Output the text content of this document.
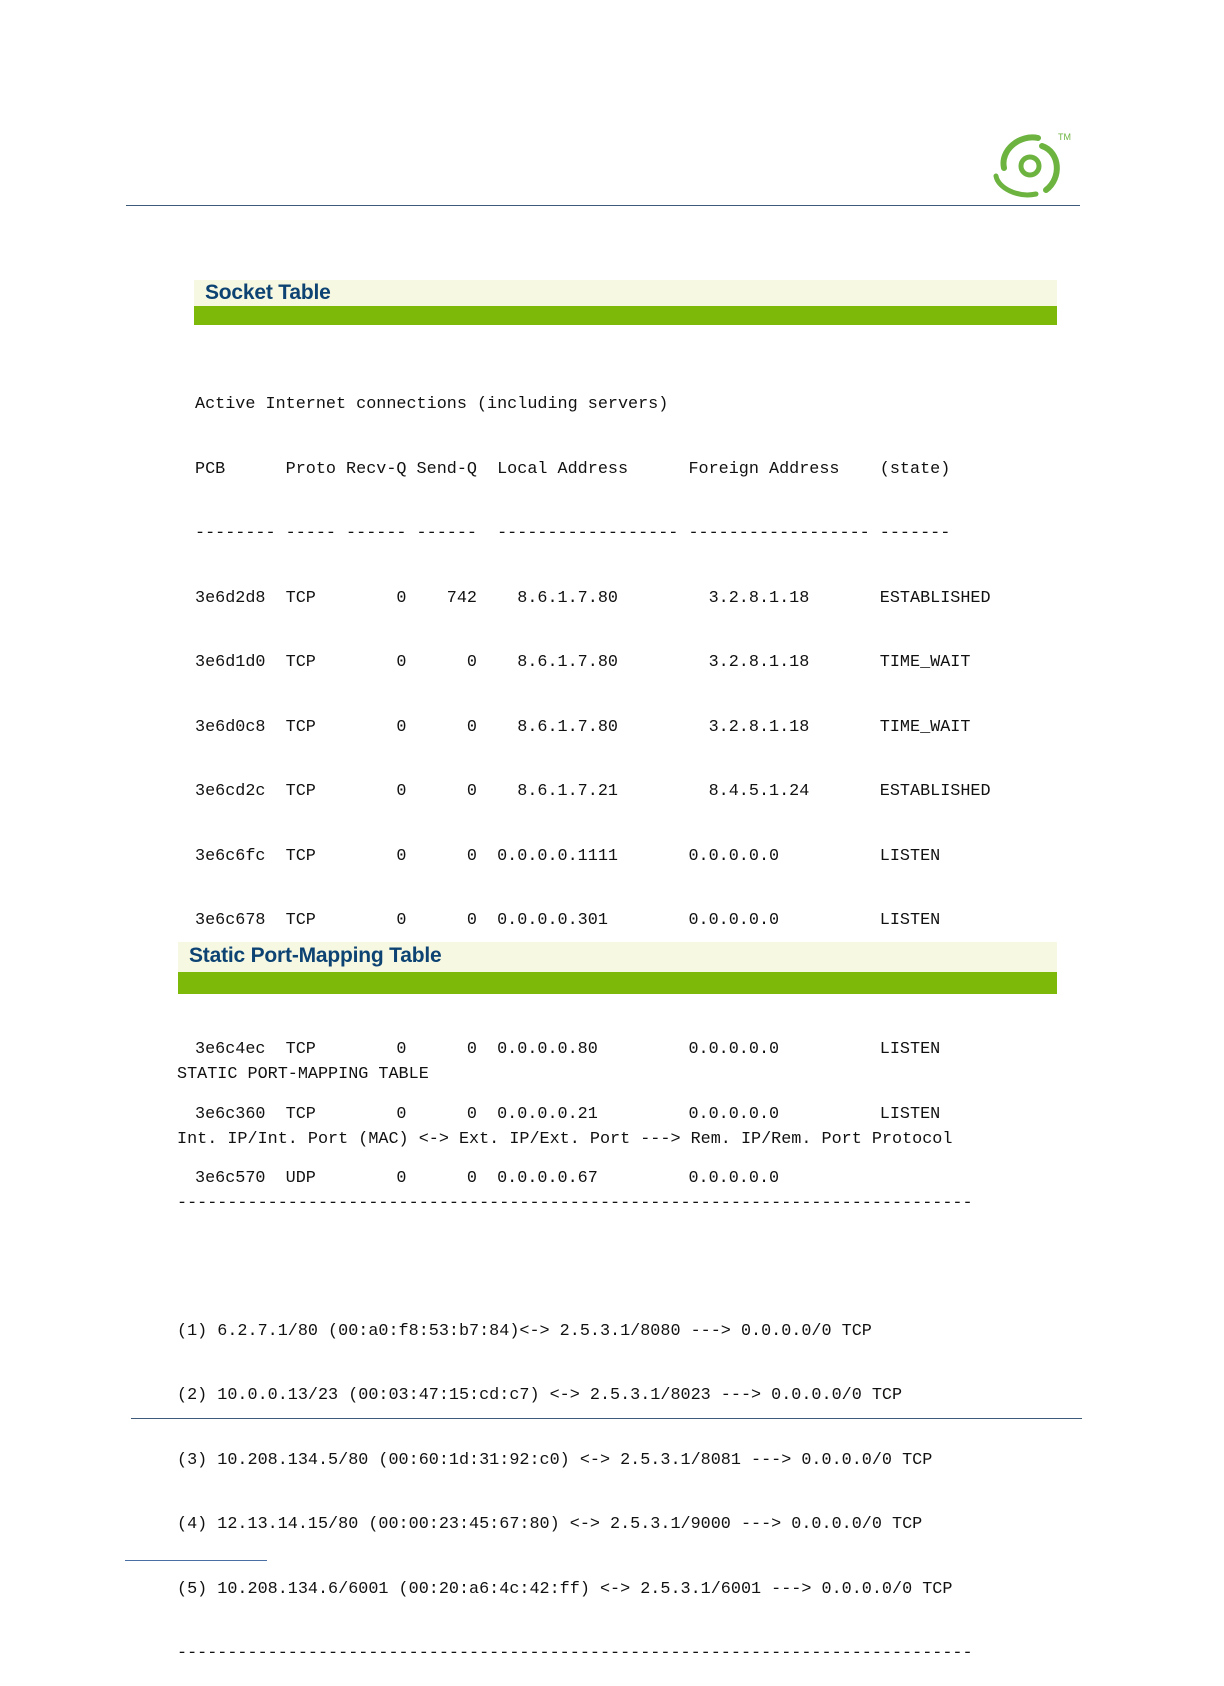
TM
Socket Table

Active Internet connections (including servers)

PCB      Proto Recv-Q Send-Q  Local Address      Foreign Address    (state)

-------- ----- ------ ------  ------------------ ------------------ -------

3e6d2d8  TCP        0    742    8.6.1.7.80         3.2.8.1.18       ESTABLISHED

3e6d1d0  TCP        0      0    8.6.1.7.80         3.2.8.1.18       TIME_WAIT

3e6d0c8  TCP        0      0    8.6.1.7.80         3.2.8.1.18       TIME_WAIT

3e6cd2c  TCP        0      0    8.6.1.7.21         8.4.5.1.24       ESTABLISHED

3e6c6fc  TCP        0      0  0.0.0.0.1111       0.0.0.0.0          LISTEN

3e6c678  TCP        0      0  0.0.0.0.301        0.0.0.0.0          LISTEN

3e6c4ec  TCP        0      0  0.0.0.0.80         0.0.0.0.0          LISTEN

3e6c360  TCP        0      0  0.0.0.0.21         0.0.0.0.0          LISTEN

3e6c570  UDP        0      0  0.0.0.0.67         0.0.0.0.0

Static Port-Mapping Table

STATIC PORT-MAPPING TABLE

Int. IP/Int. Port (MAC) <-> Ext. IP/Ext. Port ---> Rem. IP/Rem. Port Protocol

-------------------------------------------------------------------------------

(1) 6.2.7.1/80 (00:a0:f8:53:b7:84)<-> 2.5.3.1/8080 ---> 0.0.0.0/0 TCP

(2) 10.0.0.13/23 (00:03:47:15:cd:c7) <-> 2.5.3.1/8023 ---> 0.0.0.0/0 TCP

(3) 10.208.134.5/80 (00:60:1d:31:92:c0) <-> 2.5.3.1/8081 ---> 0.0.0.0/0 TCP

(4) 12.13.14.15/80 (00:00:23:45:67:80) <-> 2.5.3.1/9000 ---> 0.0.0.0/0 TCP

(5) 10.208.134.6/6001 (00:20:a6:4c:42:ff) <-> 2.5.3.1/6001 ---> 0.0.0.0/0 TCP

-------------------------------------------------------------------------------
